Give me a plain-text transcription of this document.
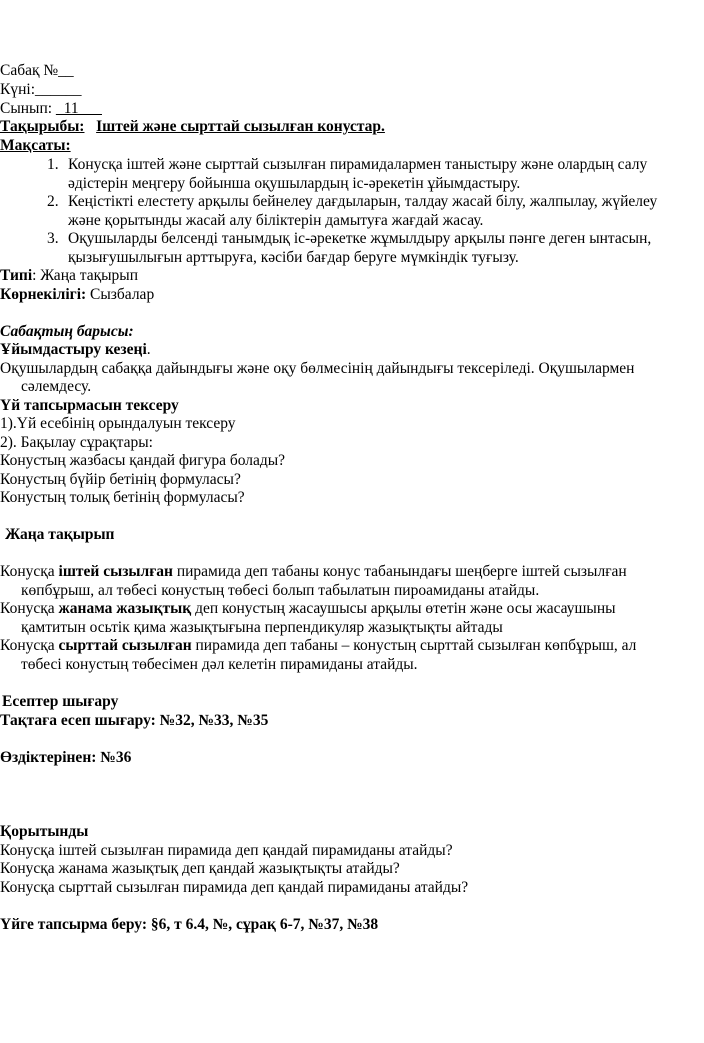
Сабақ №__
Күні:______
Сынып: _11___
Тақырыбы: Іштей және сырттай сызылған конустар.
Мақсаты:
1. Конусқа іштей және сырттай сызылған пирамидалармен таныстыру және олардың салу
әдістерін меңгеру бойынша оқушылардың іс-әрекетін ұйымдастыру.
2. Кеңістікті елестету арқылы бейнелеу дағдыларын, талдау жасай білу, жалпылау, жүйелеу
және қорытынды жасай алу біліктерін дамытуға жағдай жасау.
3. Оқушыларды белсенді танымдық іс-әрекетке жұмылдыру арқылы пәнге деген ынтасын,
қызығушылығын арттыруға, кәсіби бағдар беруге мүмкіндік туғызу.
Типі: Жаңа тақырып
Көрнекілігі: Сызбалар
Сабақтың барысы:
Ұйымдастыру кезеңі.
Оқушылардың сабаққа дайындығы және оқу бөлмесінің дайындығы тексеріледі. Оқушылармен
сәлемдесу.
Үй тапсырмасын тексеру
1).Үй есебінің орындалуын тексеру
2). Бақылау сұрақтары:
Конустың жазбасы қандай фигура болады?
Конустың бүйір бетінің формуласы?
Конустың толық бетінің формуласы?
Жаңа тақырып
Конусқа іштей сызылған пирамида деп табаны конус табанындағы шеңберге іштей сызылған
көпбұрыш, ал төбесі конустың төбесі болып табылатын пироамиданы атайды.
Конусқа жанама жазықтық деп конустың жасаушысы арқылы өтетін және осы жасаушыны
қамтитын осьтік қима жазықтығына перпендикуляр жазықтықты айтады
Конусқа сырттай сызылған пирамида деп табаны – конустың сырттай сызылған көпбұрыш, ал
төбесі конустың төбесімен дәл келетін пирамиданы атайды.
Есептер шығару
Тақтаға есеп шығару: №32, №33, №35
Өздіктерінен: №36
Қорытынды
Конусқа іштей сызылған пирамида деп қандай пирамиданы атайды?
Конусқа жанама жазықтық деп қандай жазықтықты атайды?
Конусқа сырттай сызылған пирамида деп қандай пирамиданы атайды?
Үйге тапсырма беру: §6, т 6.4, №, сұрақ 6-7, №37, №38
